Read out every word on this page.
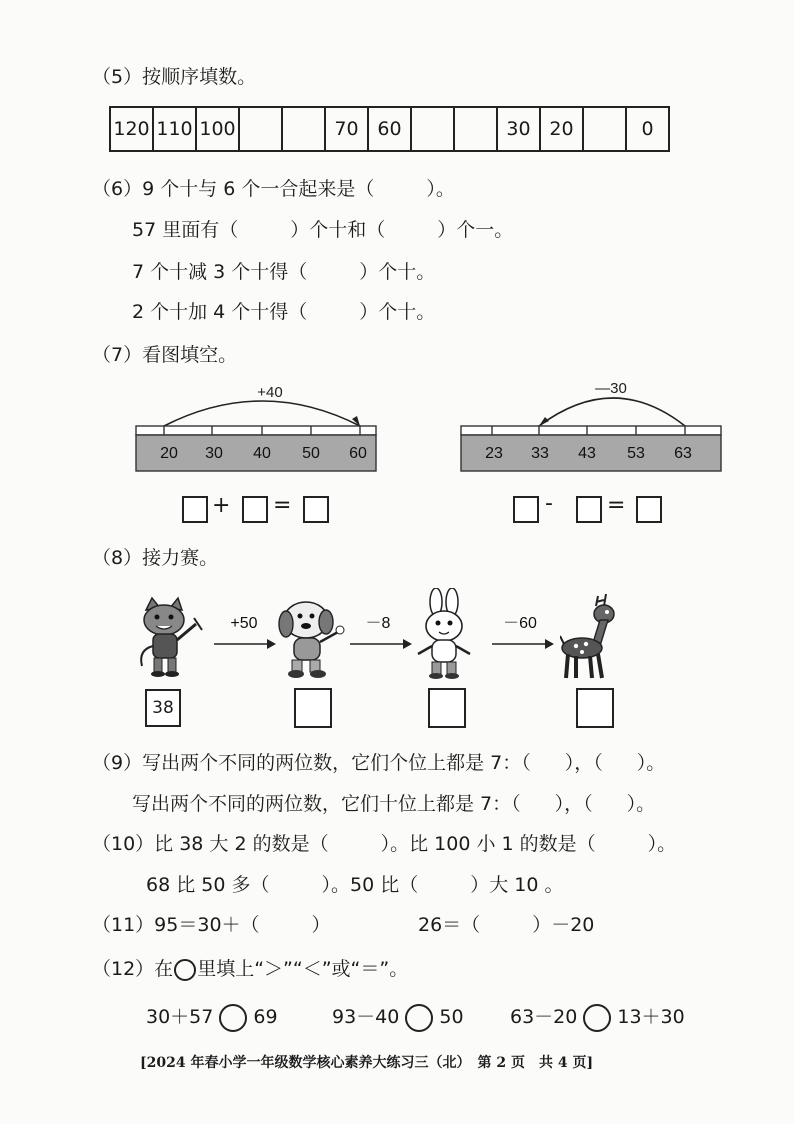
（5）按顺序填数。
120	110	100			70	60			30	20		0
（6）9 个十与 6 个一合起来是（	）。
57 里面有（	）个十和（	）个一。
7 个十减 3 个十得（	）个十。
2 个十加 4 个十得（	）个十。
（7）看图填空。
+40
20 30 40 50 60
—30
23 33 43 53 63
+ =	- =
（8）接力赛。
+50	－8	－60
38
（9）写出两个不同的两位数，它们个位上都是 7：（ ），（ ）。
写出两个不同的两位数，它们十位上都是 7：（ ），（ ）。
（10）比 38 大 2 的数是（	）。比 100 小 1 的数是（	）。
68 比 50 多（	）。50 比（	）大 10 。
（11）95＝30＋（	）	26＝（	）－20
（12）在 里填上“＞”“＜”或“＝”。
30＋57 69	93－40 50 63－20 13＋30
[2024 年春小学一年级数学核心素养大练习三（北）　第 2 页　共 4 页]
